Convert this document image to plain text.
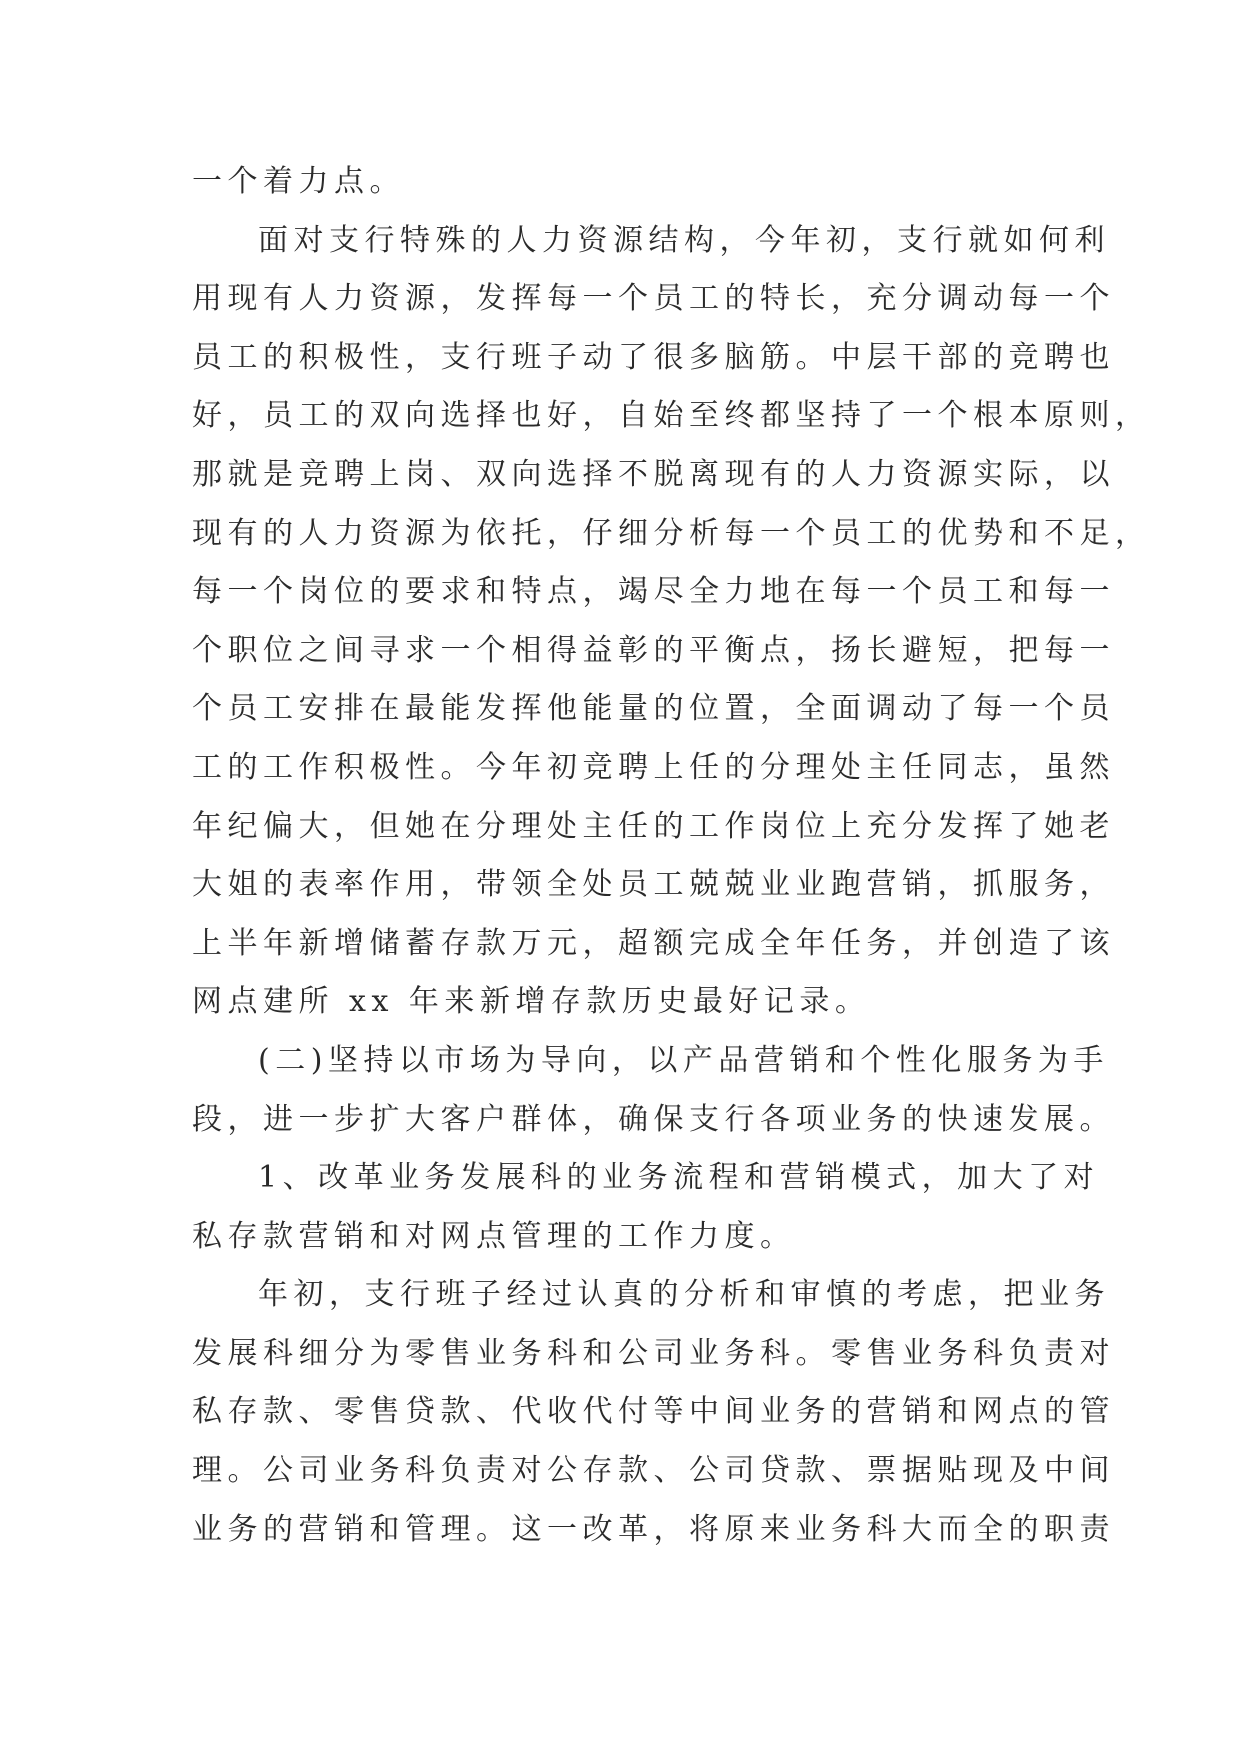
一个着力点。
面对支行特殊的人力资源结构，今年初，支行就如何利
用现有人力资源，发挥每一个员工的特长，充分调动每一个
员工的积极性，支行班子动了很多脑筋。中层干部的竞聘也
好，员工的双向选择也好，自始至终都坚持了一个根本原则，
那就是竞聘上岗、双向选择不脱离现有的人力资源实际，以
现有的人力资源为依托，仔细分析每一个员工的优势和不足，
每一个岗位的要求和特点，竭尽全力地在每一个员工和每一
个职位之间寻求一个相得益彰的平衡点，扬长避短，把每一
个员工安排在最能发挥他能量的位置，全面调动了每一个员
工的工作积极性。今年初竞聘上任的分理处主任同志，虽然
年纪偏大，但她在分理处主任的工作岗位上充分发挥了她老
大姐的表率作用，带领全处员工兢兢业业跑营销，抓服务，
上半年新增储蓄存款万元，超额完成全年任务，并创造了该
网点建所 xx 年来新增存款历史最好记录。
(二)坚持以市场为导向，以产品营销和个性化服务为手
段，进一步扩大客户群体，确保支行各项业务的快速发展。
1、改革业务发展科的业务流程和营销模式，加大了对
私存款营销和对网点管理的工作力度。
年初，支行班子经过认真的分析和审慎的考虑，把业务
发展科细分为零售业务科和公司业务科。零售业务科负责对
私存款、零售贷款、代收代付等中间业务的营销和网点的管
理。公司业务科负责对公存款、公司贷款、票据贴现及中间
业务的营销和管理。这一改革，将原来业务科大而全的职责
